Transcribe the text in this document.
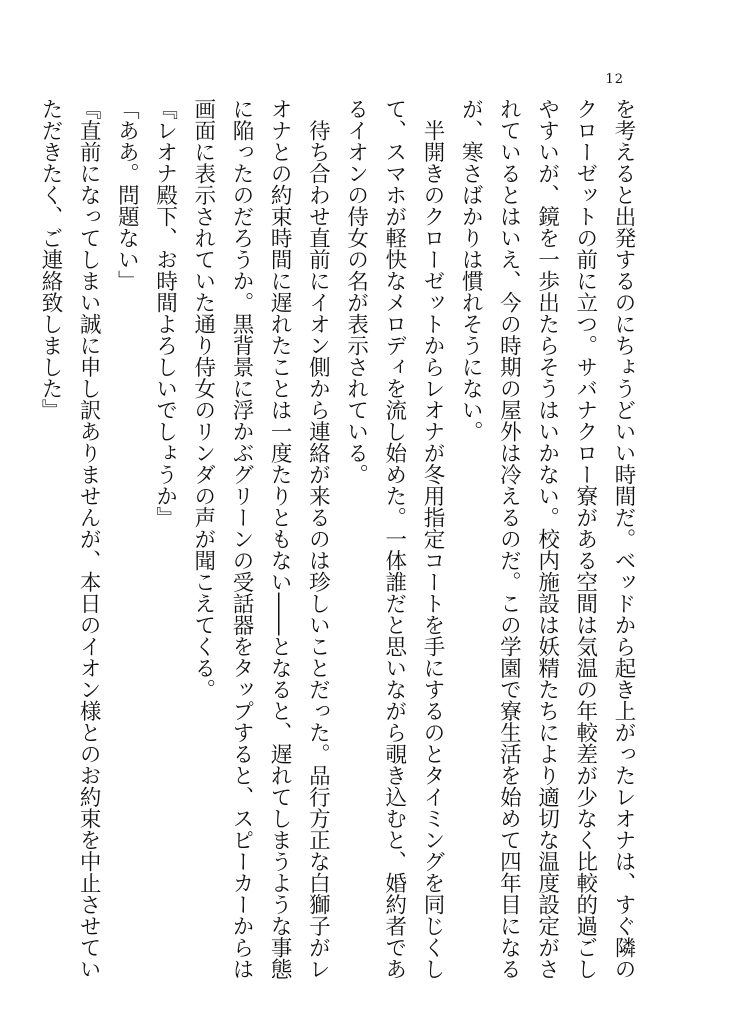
12
を考えると出発するのにちょうどいい時間だ。ベッドから起き上がったレオナは、すぐ隣の
クローゼットの前に立つ。サバナクロー寮がある空間は気温の年較差が少なく比較的過ごし
やすいが、鏡を一歩出たらそうはいかない。校内施設は妖精たちにより適切な温度設定がさ
れているとはいえ、今の時期の屋外は冷えるのだ。この学園で寮生活を始めて四年目になる
が、寒さばかりは慣れそうにない。
　半開きのクローゼットからレオナが冬用指定コートを手にするのとタイミングを同じくし
て、スマホが軽快なメロディを流し始めた。一体誰だと思いながら覗き込むと、婚約者であ
るイオンの侍女の名が表示されている。
　待ち合わせ直前にイオン側から連絡が来るのは珍しいことだった。品行方正な白獅子がレ
オナとの約束時間に遅れたことは一度たりともない――となると、遅れてしまうような事態
に陥ったのだろうか。黒背景に浮かぶグリーンの受話器をタップすると、スピーカーからは
画面に表示されていた通り侍女のリンダの声が聞こえてくる。
『レオナ殿下、お時間よろしいでしょうか』
「ああ。問題ない」
『直前になってしまい誠に申し訳ありませんが、本日のイオン様とのお約束を中止させてい
ただきたく、ご連絡致しました』
